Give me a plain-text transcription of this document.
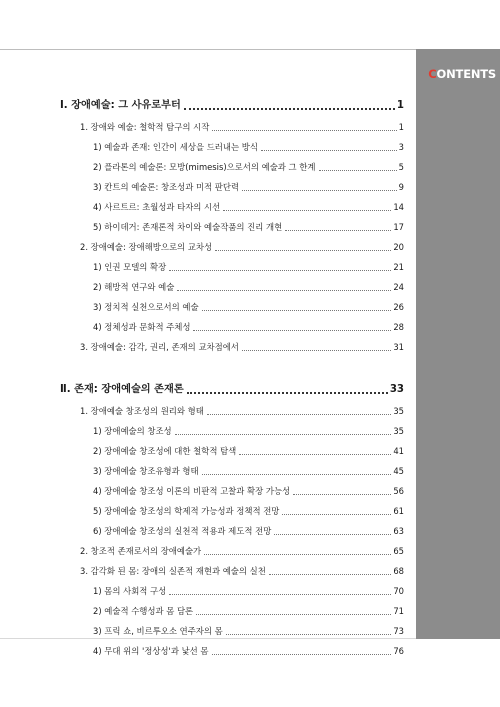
CONTENTS
Ⅰ. 장애예술: 그 사유로부터	1
1. 장애와 예술: 철학적 탐구의 시작	1
1) 예술과 존재: 인간이 세상을 드러내는 방식	3
2) 플라톤의 예술론: 모방(mimesis)으로서의 예술과 그 한계	5
3) 칸트의 예술론: 창조성과 미적 판단력	9
4) 사르트르: 초월성과 타자의 시선	14
5) 하이데거: 존재론적 차이와 예술작품의 진리 개현	17
2. 장애예술: 장애해방으로의 교차성	20
1) 인권 모델의 확장	21
2) 해방적 연구와 예술	24
3) 정치적 실천으로서의 예술	26
4) 정체성과 문화적 주체성	28
3. 장애예술: 감각, 권리, 존재의 교차점에서	31
Ⅱ. 존재: 장애예술의 존재론	33
1. 장애예술 창조성의 원리와 형태	35
1) 장애예술의 창조성	35
2) 장애예술 창조성에 대한 철학적 탐색	41
3) 장애예술 창조유형과 형태	45
4) 장애예술 창조성 이론의 비판적 고찰과 확장 가능성	56
5) 장애예술 창조성의 학제적 가능성과 정책적 전망	61
6) 장애예술 창조성의 실천적 적용과 제도적 전망	63
2. 창조적 존재로서의 장애예술가	65
3. 감각화 된 몸: 장애의 실존적 재현과 예술의 실천	68
1) 몸의 사회적 구성	70
2) 예술적 수행성과 몸 담론	71
3) 프릭 쇼, 비르투오소 연주자의 몸	73
4) 무대 위의 '정상성'과 낯선 몸	76
